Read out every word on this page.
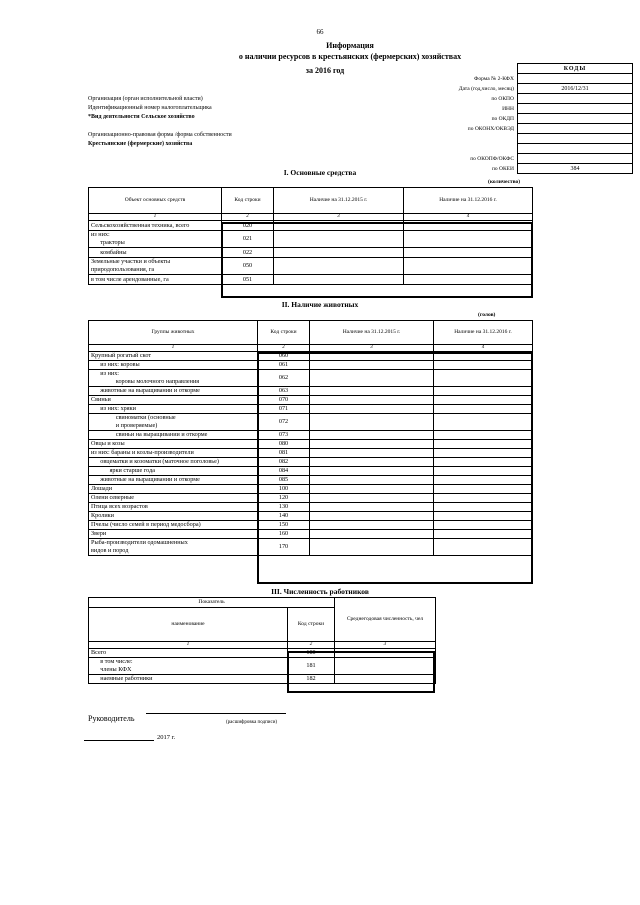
66
Информация
о наличии ресурсов в крестьянских (фермерских) хозяйствах
за 2016 год
Организация (орган исполнительной власти)
Идентификационный номер налогоплательщика
*Вид деятельности Сельское хозяйство
Организационно-правовая форма /форма собственности
Крестьянские (фермерские) хозяйства
	КОДЫ
Форма № 2-КФХ	
Дата (год,число, месяц)	2016/12/31
по ОКПО	
ИНН	
по ОКДП	
по ОКОНХ/ОКВЭД	

по ОКОПФ/ОКФС	
по ОКЕИ	384
I. Основные средства
(количество)
Объект основных средств	Код строки	Наличие на 31.12.2015 г.	Наличие на 31.12.2016 г.
1	2	3	4
Сельскохозяйственная техника, всего	020		
из них:
тракторы	021		
комбайны	022		
Земельные участки и объекты
природопользования, га	050		
в том числе арендованные, га	051		
II. Наличие животных
(голов)
Группы животных	Код строки	Наличие на 31.12.2015 г.	Наличие на 31.12.2016 г.
1	2	3	4
Крупный рогатый скот	060		
из них: коровы	061		
из них:
коровы молочного направления	062		
животные на выращивании и откорме	063		
Свиньи	070		
из них: хряки	071		
свиноматки (основные
и проверяемые)	072		
свиньи на выращивании и откорме	073		
Овцы и козы	080		
из них: бараны и козлы-производители	081		
овцематки и козоматки (маточное поголовье)	082		
ярки старше года	084		
животные на выращивании и откорме	085		
Лошади	100		
Олени северные	120		
Птица всех возрастов	130		
Кролики	140		
Пчелы (число семей в период медосбора)	150		
Звери	160		
Рыба-производители одомашненных
видов и пород	170		
III. Численность работников
Показатель		Среднегодовая численность, чел
наименование	Код строки	
1	2	3
Всего	180	
в том числе:
члены КФХ	181	
наемные работники	182	
Руководитель	(расшифровка подписи)
2017 г.
